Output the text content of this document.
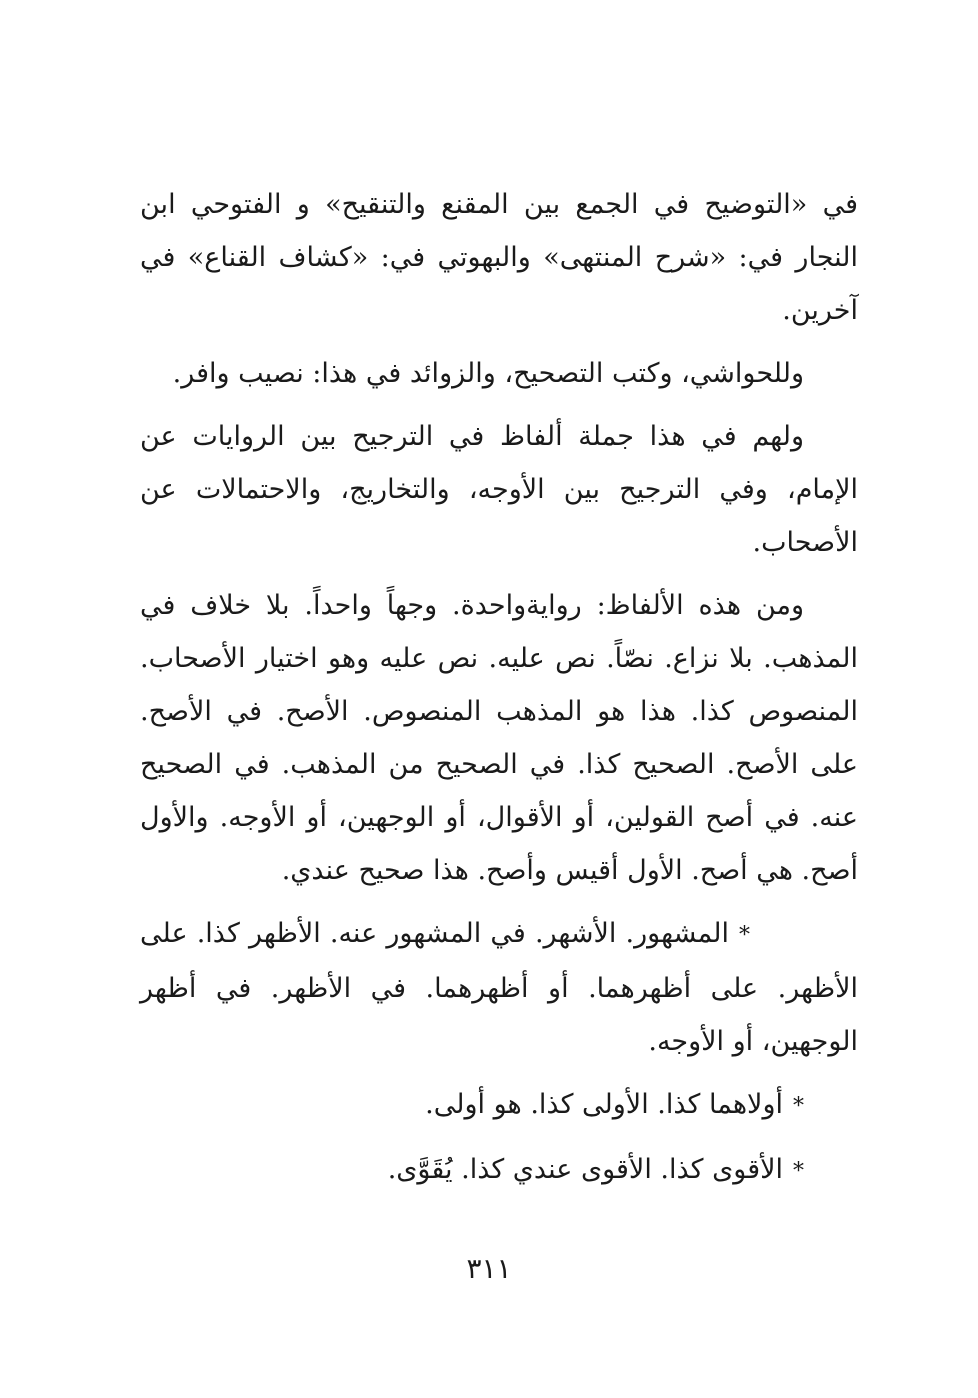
في «التوضيح في الجمع بين المقنع والتنقيح» و الفتوحي ابن النجار في: «شرح المنتهى» والبهوتي في: «كشاف القناع» في آخرين.

وللحواشي، وكتب التصحيح، والزوائد في هذا: نصيب وافر.

ولهم في هذا جملة ألفاظ في الترجيح بين الروايات عن الإمام، وفي الترجيح بين الأوجه، والتخاريج، والاحتمالات عن الأصحاب.

ومن هذه الألفاظ: روايةواحدة. وجهاً واحداً. بلا خلاف في المذهب. بلا نزاع. نصّاً. نص عليه. نص عليه وهو اختيار الأصحاب. المنصوص كذا. هذا هو المذهب المنصوص. الأصح. في الأصح. على الأصح. الصحيح كذا. في الصحيح من المذهب. في الصحيح عنه. في أصح القولين، أو الأقوال، أو الوجهين، أو الأوجه. والأول أصح. هي أصح. الأول أقيس وأصح. هذا صحيح عندي.

*المشهور. الأشهر. في المشهور عنه. الأظهر كذا. على الأظهر. على أظهرهما. أو أظهرهما. في الأظهر. في أظهر الوجهين، أو الأوجه.

*أولاهما كذا. الأولى كذا. هو أولى.

*الأقوى كذا. الأقوى عندي كذا. يُقَوَّى.

٣١١
